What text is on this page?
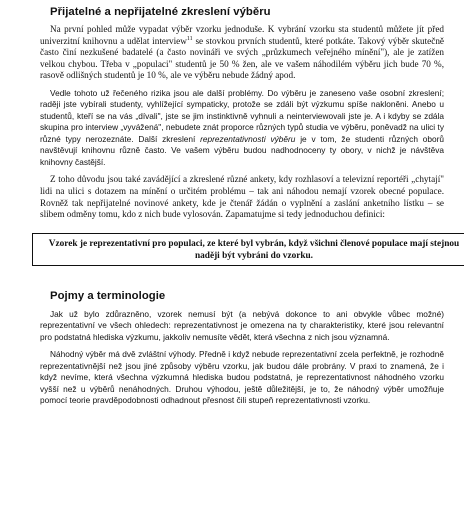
Přijatelné a nepřijatelné zkreslení výběru

Na první pohled může vypadat výběr vzorku jednoduše. K vybrání vzorku sta studentů můžete jít před univerzitní knihovnu a udělat interview$^{11}$ se stovkou prvních studentů, které potkáte. Takový výběr skutečně často činí nezkušené badatelé (a často novináři ve svých „průzkumech veřejného mínění"), ale je zatížen velkou chybou. Třeba v „populaci" studentů je 50 % žen, ale ve vašem náhodilém výběru jich bude 70 %, rasově odlišných studentů je 10 %, ale ve výběru nebude žádný apod.

Vedle tohoto už řečeného rizika jsou ale další problémy. Do výběru je zaneseno vaše osobní zkreslení; raději jste vybírali studenty, vyhlížející sympaticky, protože se zdáli být výzkumu spíše nakloněni. Anebo u studentů, kteří se na vás „dívali", jste se jim instinktivně vyhnuli a neinterviewovali jste je. A i kdyby se zdála skupina pro interview „vyvážená", nebudete znát proporce různých typů studia ve výběru, poněvadž na ulici ty různé typy nerozeznáte. Další zkreslení reprezentativnosti výběru je v tom, že studenti různých oborů navštěvují knihovnu různě často. Ve vašem výběru budou nadhodnoceny ty obory, v nichž je návštěva knihovny častější.

Z toho důvodu jsou také zavádějící a zkreslené různé ankety, kdy rozhlasoví a televizní reportéři „chytají" lidi na ulici s dotazem na mínění o určitém problému – tak ani náhodou nemají vzorek obecné populace. Rovněž tak nepřijatelné novinové ankety, kde je čtenář žádán o vyplnění a zaslání anketního lístku – se slibem odměny tomu, kdo z nich bude vylosován. Zapamatujme si tedy jednoduchou definici:

Vzorek je reprezentativní pro populaci, ze které byl vybrán, když všichni členové populace mají stejnou naději být vybráni do vzorku.
Pojmy a terminologie

Jak už bylo zdůrazněno, vzorek nemusí být (a nebývá dokonce to ani obvykle vůbec možné) reprezentativní ve všech ohledech: reprezentativnost je omezena na ty charakteristiky, které jsou relevantní pro podstatná hlediska výzkumu, jakkoliv nemusíte vědět, která všechna z nich jsou významná.

Náhodný výběr má dvě zvláštní výhody. Předně i když nebude reprezentativní zcela perfektně, je rozhodně reprezentativnější než jsou jiné způsoby výběru vzorku, jak budou dále probrány. V praxi to znamená, že i když nevíme, která všechna výzkumná hlediska budou podstatná, je reprezentativnost náhodného vzorku vyšší než u výběrů nenáhodných. Druhou výhodou, ještě důležitější, je to, že náhodný výběr umožňuje pomocí teorie pravděpodobnosti odhadnout přesnost čili stupeň reprezentativnosti vzorku.
